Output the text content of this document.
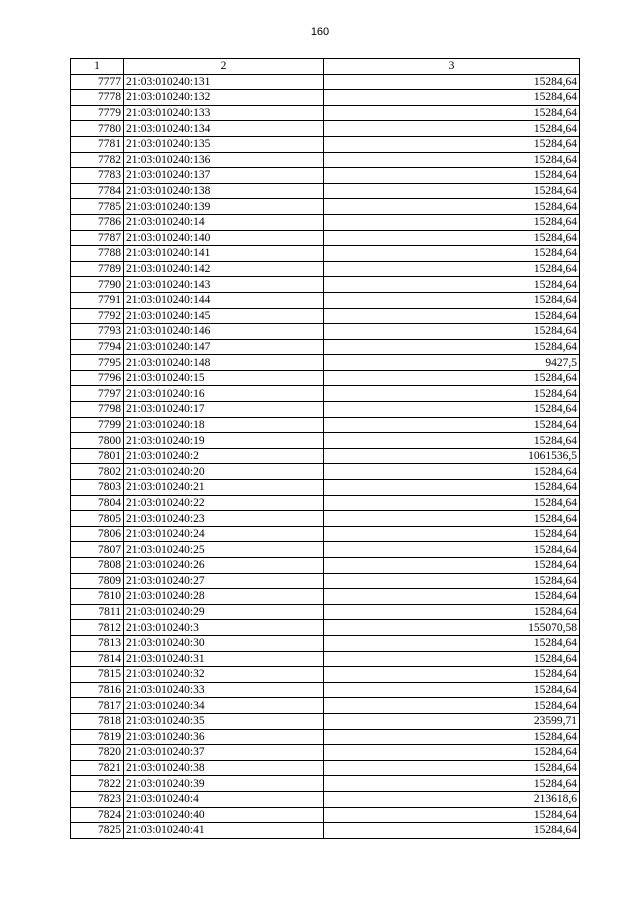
160
1	2	3
7777	21:03:010240:131	15284,64
7778	21:03:010240:132	15284,64
7779	21:03:010240:133	15284,64
7780	21:03:010240:134	15284,64
7781	21:03:010240:135	15284,64
7782	21:03:010240:136	15284,64
7783	21:03:010240:137	15284,64
7784	21:03:010240:138	15284,64
7785	21:03:010240:139	15284,64
7786	21:03:010240:14	15284,64
7787	21:03:010240:140	15284,64
7788	21:03:010240:141	15284,64
7789	21:03:010240:142	15284,64
7790	21:03:010240:143	15284,64
7791	21:03:010240:144	15284,64
7792	21:03:010240:145	15284,64
7793	21:03:010240:146	15284,64
7794	21:03:010240:147	15284,64
7795	21:03:010240:148	9427,5
7796	21:03:010240:15	15284,64
7797	21:03:010240:16	15284,64
7798	21:03:010240:17	15284,64
7799	21:03:010240:18	15284,64
7800	21:03:010240:19	15284,64
7801	21:03:010240:2	1061536,5
7802	21:03:010240:20	15284,64
7803	21:03:010240:21	15284,64
7804	21:03:010240:22	15284,64
7805	21:03:010240:23	15284,64
7806	21:03:010240:24	15284,64
7807	21:03:010240:25	15284,64
7808	21:03:010240:26	15284,64
7809	21:03:010240:27	15284,64
7810	21:03:010240:28	15284,64
7811	21:03:010240:29	15284,64
7812	21:03:010240:3	155070,58
7813	21:03:010240:30	15284,64
7814	21:03:010240:31	15284,64
7815	21:03:010240:32	15284,64
7816	21:03:010240:33	15284,64
7817	21:03:010240:34	15284,64
7818	21:03:010240:35	23599,71
7819	21:03:010240:36	15284,64
7820	21:03:010240:37	15284,64
7821	21:03:010240:38	15284,64
7822	21:03:010240:39	15284,64
7823	21:03:010240:4	213618,6
7824	21:03:010240:40	15284,64
7825	21:03:010240:41	15284,64
